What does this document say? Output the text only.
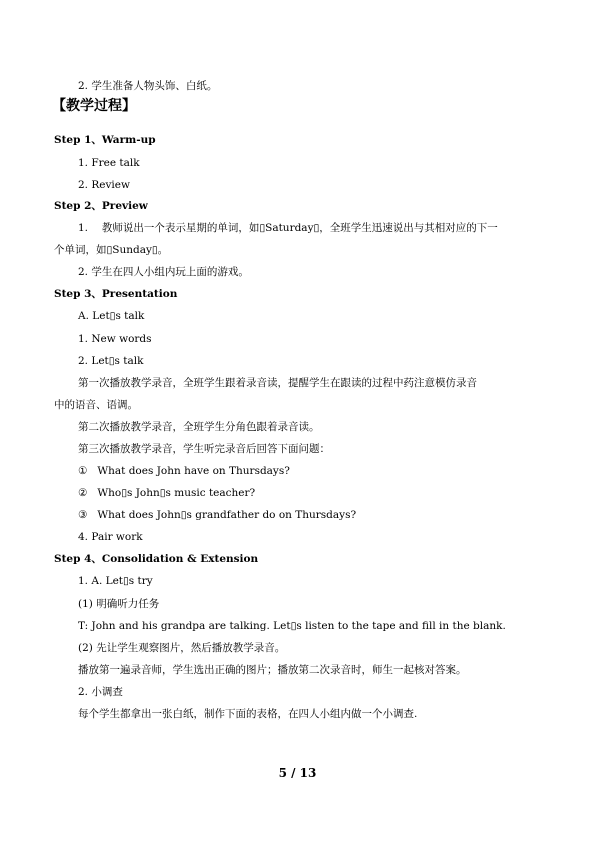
2. 学生准备人物头饰、白纸。
【教学过程】
Step 1、Warm-up
1. Free talk
2. Review
Step 2、Preview
1.　 教师说出一个表示星期的单词，如▯Saturday▯，全班学生迅速说出与其相对应的下一
个单词，如▯Sunday▯。
2. 学生在四人小组内玩上面的游戏。
Step 3、Presentation
A. Let▯s talk
1. New words
2. Let▯s talk
第一次播放教学录音，全班学生跟着录音读，提醒学生在跟读的过程中药注意模仿录音
中的语音、语调。
第二次播放教学录音，全班学生分角色跟着录音读。
第三次播放教学录音，学生听完录音后回答下面问题：
① What does John have on Thursdays?
② Who▯s John▯s music teacher?
③ What does John▯s grandfather do on Thursdays?
4. Pair work
Step 4、Consolidation & Extension
1. A. Let▯s try
(1) 明确听力任务
T: John and his grandpa are talking. Let▯s listen to the tape and fill in the blank.
(2) 先让学生观察图片，然后播放教学录音。
播放第一遍录音师，学生选出正确的图片；播放第二次录音时，师生一起核对答案。
2. 小调查
每个学生都拿出一张白纸，制作下面的表格，在四人小组内做一个小调查.
5 / 13
